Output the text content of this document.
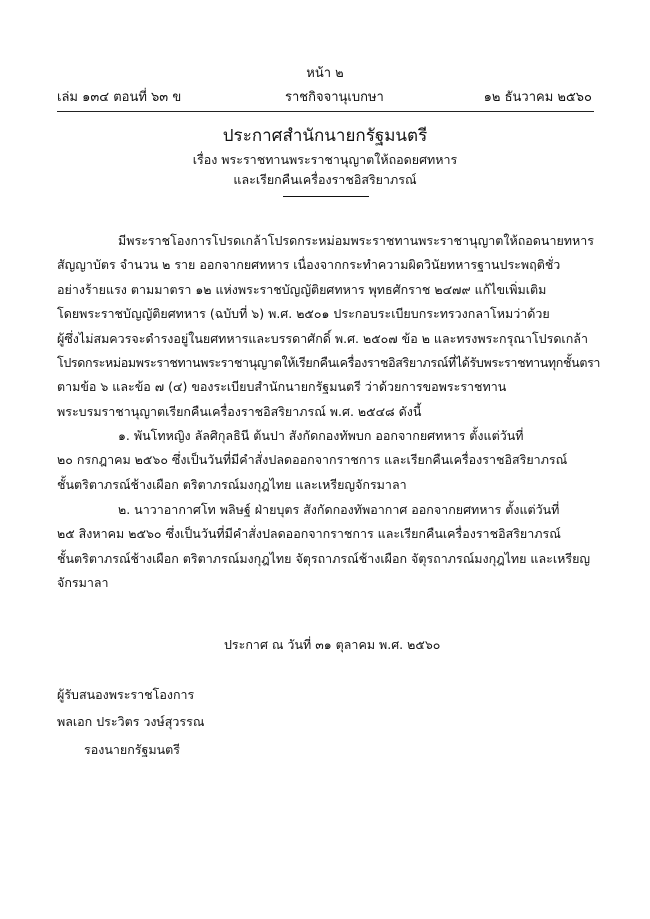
หน้า ๒
เล่ม ๑๓๔ ตอนที่ ๖๓ ข	ราชกิจจานุเบกษา	๑๒ ธันวาคม ๒๕๖๐
ประกาศสำนักนายกรัฐมนตรี
เรื่อง พระราชทานพระราชานุญาตให้ถอดยศทหาร
และเรียกคืนเครื่องราชอิสริยาภรณ์
มีพระราชโองการโปรดเกล้าโปรดกระหม่อมพระราชทานพระราชานุญาตให้ถอดนายทหาร
สัญญาบัตร จำนวน ๒ ราย ออกจากยศทหาร เนื่องจากกระทำความผิดวินัยทหารฐานประพฤติชั่ว
อย่างร้ายแรง ตามมาตรา ๑๒ แห่งพระราชบัญญัติยศทหาร พุทธศักราช ๒๔๗๙ แก้ไขเพิ่มเติม
โดยพระราชบัญญัติยศทหาร (ฉบับที่ ๖) พ.ศ. ๒๕๐๑ ประกอบระเบียบกระทรวงกลาโหมว่าด้วย
ผู้ซึ่งไม่สมควรจะดำรงอยู่ในยศทหารและบรรดาศักดิ์ พ.ศ. ๒๕๐๗ ข้อ ๒ และทรงพระกรุณาโปรดเกล้า
โปรดกระหม่อมพระราชทานพระราชานุญาตให้เรียกคืนเครื่องราชอิสริยาภรณ์ที่ได้รับพระราชทานทุกชั้นตรา
ตามข้อ ๖ และข้อ ๗ (๔) ของระเบียบสำนักนายกรัฐมนตรี ว่าด้วยการขอพระราชทาน
พระบรมราชานุญาตเรียกคืนเครื่องราชอิสริยาภรณ์ พ.ศ. ๒๕๔๘ ดังนี้
๑. พันโทหญิง ลัลศิกุลธินี ต้นปา สังกัดกองทัพบก ออกจากยศทหาร ตั้งแต่วันที่
๒๐ กรกฎาคม ๒๕๖๐ ซึ่งเป็นวันที่มีคำสั่งปลดออกจากราชการ และเรียกคืนเครื่องราชอิสริยาภรณ์
ชั้นตริตาภรณ์ช้างเผือก ตริตาภรณ์มงกุฎไทย และเหรียญจักรมาลา
๒. นาวาอากาศโท พลิษฐ์ ฝ่ายบุตร สังกัดกองทัพอากาศ ออกจากยศทหาร ตั้งแต่วันที่
๒๕ สิงหาคม ๒๕๖๐ ซึ่งเป็นวันที่มีคำสั่งปลดออกจากราชการ และเรียกคืนเครื่องราชอิสริยาภรณ์
ชั้นตริตาภรณ์ช้างเผือก ตริตาภรณ์มงกุฎไทย จัตุรถาภรณ์ช้างเผือก จัตุรถาภรณ์มงกุฎไทย และเหรียญ
จักรมาลา
ประกาศ ณ วันที่ ๓๑ ตุลาคม พ.ศ. ๒๕๖๐
ผู้รับสนองพระราชโองการ
พลเอก ประวิตร วงษ์สุวรรณ
รองนายกรัฐมนตรี
